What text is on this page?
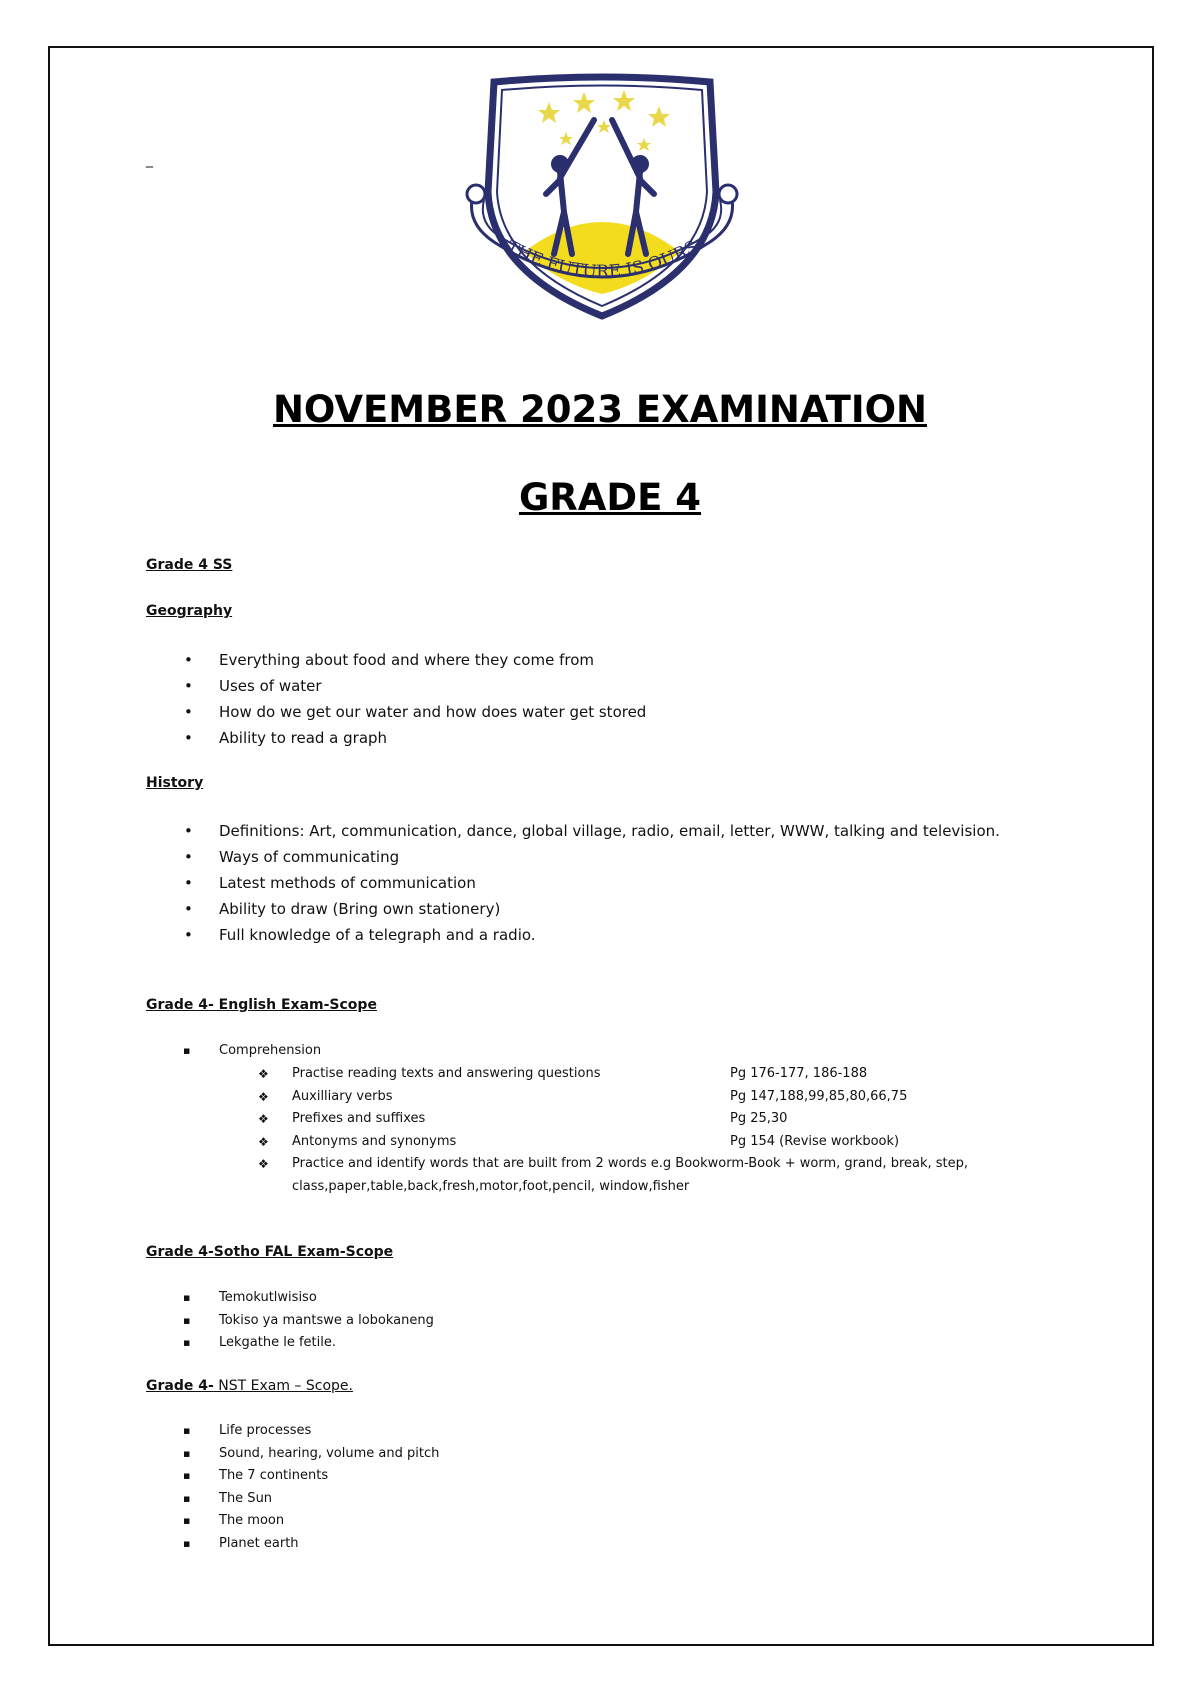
_
THE FUTURE IS OURS
NOVEMBER 2023 EXAMINATION
GRADE 4
Grade 4 SS
Geography
• Everything about food and where they come from
• Uses of water
• How do we get our water and how does water get stored
• Ability to read a graph
History
• Definitions: Art, communication, dance, global village, radio, email, letter, WWW, talking and television.
• Ways of communicating
• Latest methods of communication
• Ability to draw (Bring own stationery)
• Full knowledge of a telegraph and a radio.
Grade 4- English Exam-Scope
▪ Comprehension
❖ Practise reading texts and answering questions	Pg 176-177, 186-188
❖ Auxilliary verbs	Pg 147,188,99,85,80,66,75
❖ Prefixes and suffixes	Pg 25,30
❖ Antonyms and synonyms	Pg 154 (Revise workbook)
❖ Practice and identify words that are built from 2 words e.g Bookworm-Book + worm, grand, break, step, class,paper,table,back,fresh,motor,foot,pencil, window,fisher
Grade 4-Sotho FAL Exam-Scope
▪ Temokutlwisiso
▪ Tokiso ya mantswe a lobokaneng
▪ Lekgathe le fetile.
Grade 4- NST Exam – Scope.
▪ Life processes
▪ Sound, hearing, volume and pitch
▪ The 7 continents
▪ The Sun
▪ The moon
▪ Planet earth
